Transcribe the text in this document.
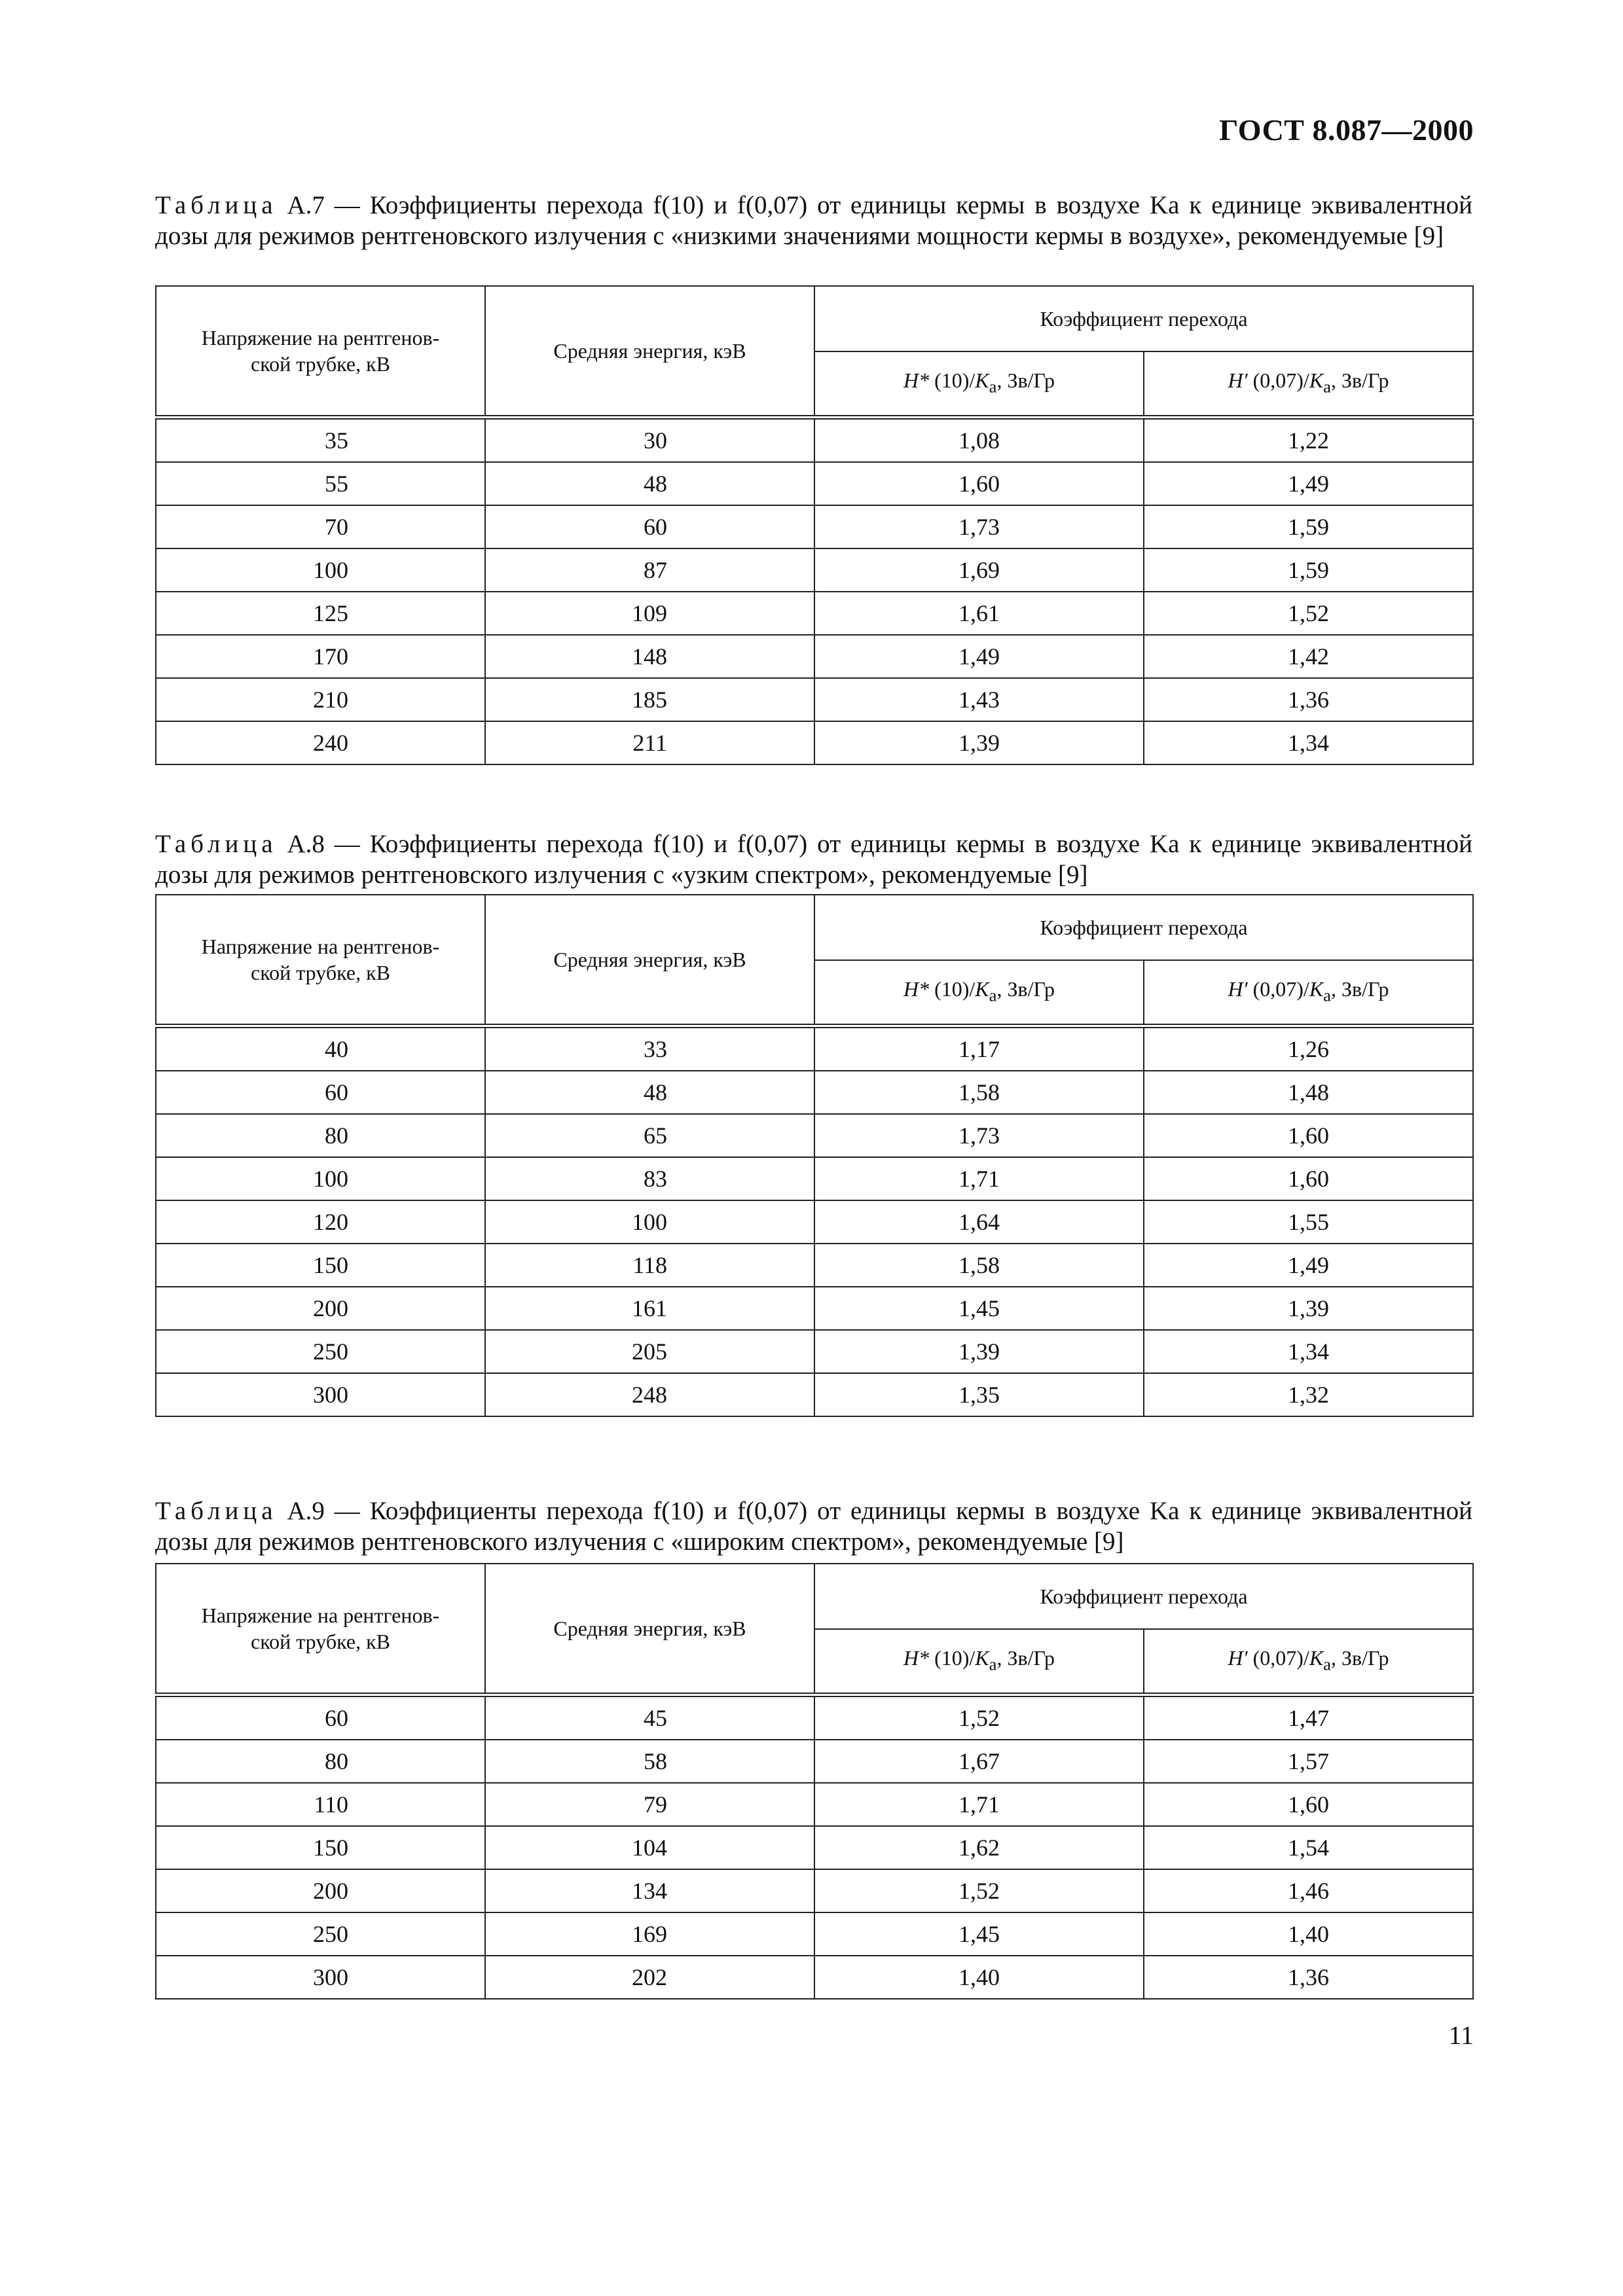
ГОСТ 8.087—2000
Таблица А.7 — Коэффициенты перехода f(10) и f(0,07) от единицы кермы в воздухе Ka к единице эквивалентной дозы для режимов рентгеновского излучения с «низкими значениями мощности кермы в воздухе», рекомендуемые [9]
Напряжение на рентгенов-
ской трубке, кВ	Средняя энергия, кэВ	Коэффициент перехода	
		H* $(10)/K_a$, Зв/Гр	H′ $(0,07)/K_a$, Зв/Гр
35	30	1,08	1,22
55	48	1,60	1,49
70	60	1,73	1,59
100	87	1,69	1,59
125	109	1,61	1,52
170	148	1,49	1,42
210	185	1,43	1,36
240	211	1,39	1,34
Таблица А.8 — Коэффициенты перехода f(10) и f(0,07) от единицы кермы в воздухе Ka к единице эквивалентной дозы для режимов рентгеновского излучения с «узким спектром», рекомендуемые [9]
Напряжение на рентгенов-
ской трубке, кВ	Средняя энергия, кэВ	Коэффициент перехода	
		H* $(10)/K_a$, Зв/Гр	H′ $(0,07)/K_a$, Зв/Гр
40	33	1,17	1,26
60	48	1,58	1,48
80	65	1,73	1,60
100	83	1,71	1,60
120	100	1,64	1,55
150	118	1,58	1,49
200	161	1,45	1,39
250	205	1,39	1,34
300	248	1,35	1,32
Таблица А.9 — Коэффициенты перехода f(10) и f(0,07) от единицы кермы в воздухе Ka к единице эквивалентной дозы для режимов рентгеновского излучения с «широким спектром», рекомендуемые [9]
Напряжение на рентгенов-
ской трубке, кВ	Средняя энергия, кэВ	Коэффициент перехода	
		H* $(10)/K_a$, Зв/Гр	H′ $(0,07)/K_a$, Зв/Гр
60	45	1,52	1,47
80	58	1,67	1,57
110	79	1,71	1,60
150	104	1,62	1,54
200	134	1,52	1,46
250	169	1,45	1,40
300	202	1,40	1,36
11
